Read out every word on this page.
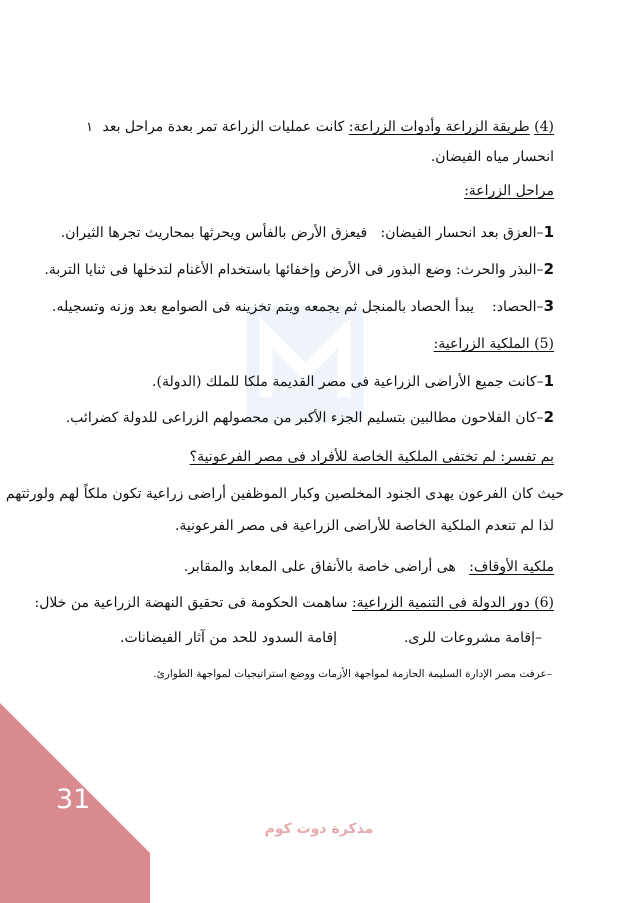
١	(4) طريقة الزراعة وأدوات الزراعة: كانت عمليات الزراعة تمر بعدة مراحل بعد
انحسار مياه الفيضان.
مراحل الزراعة:
1–العزق بعد انحسار الفيضان:   فيعزق الأرض بالفأس ويحرثها بمحاريث تجرها الثيران.
2–البذر والحرث: وضع البذور فى الأرض وإخفائها باستخدام الأغنام لتدخلها فى ثنايا التربة.
3–الحصاد:    يبدأ الحصاد بالمنجل ثم يجمعه ويتم تخزينه فى الصوامع بعد وزنه وتسجيله.
(5) الملكية الزراعية:
1–كانت جميع الأراضى الزراعية فى مصر القديمة ملكا للملك (الدولة).
2–كان الفلاحون مطالبين بتسليم الجزء الأكبر من محصولهم الزراعى للدولة كضرائب.
بم تفسر: لم تختفى الملكية الخاصة للأفراد فى مصر الفرعونية؟
حيث كان الفرعون يهدى الجنود المخلصين وكبار الموظفين أراضى زراعية تكون ملكاً لهم ولورثتهم
لذا لم تنعدم الملكية الخاصة للأراضى الزراعية فى مصر الفرعونية.
ملكية الأوقاف:   هى أراضى خاصة بالأنفاق على المعابد والمقابر.
(6) دور الدولة فى التنمية الزراعية: ساهمت الحكومة فى تحقيق النهضة الزراعية من خلال:
–إقامة مشروعات للرى.  إقامة السدود للحد من آثار الفيضانات.
–عرفت مصر الإدارة السليمة الحازمة لمواجهة الأزمات ووضع استراتيجيات لمواجهة الطوارئ.
31
مذكرة دوت كوم
